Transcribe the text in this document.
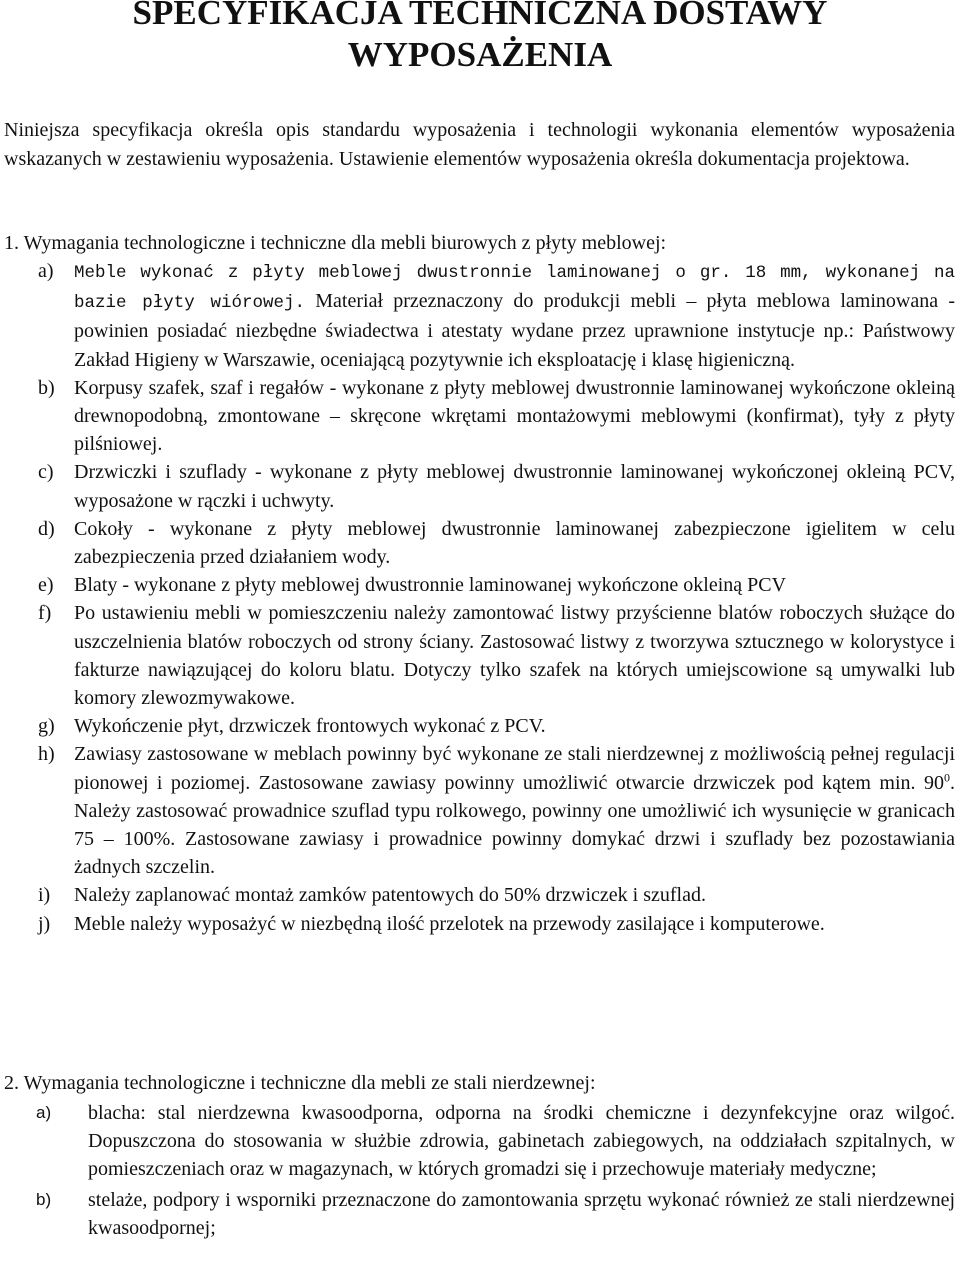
SPECYFIKACJA TECHNICZNA DOSTAWY
WYPOSAŻENIA

Niniejsza specyfikacja określa opis standardu wyposażenia i technologii wykonania elementów wyposażenia wskazanych w zestawieniu wyposażenia. Ustawienie elementów wyposażenia określa dokumentacja projektowa.

1. Wymagania technologiczne i techniczne dla mebli biurowych z płyty meblowej:

a) Meble wykonać z płyty meblowej dwustronnie laminowanej o gr. 18 mm, wykonanej na bazie płyty wiórowej. Materiał przeznaczony do produkcji mebli – płyta meblowa laminowana - powinien posiadać niezbędne świadectwa i atestaty wydane przez uprawnione instytucje np.: Państwowy Zakład Higieny w Warszawie, oceniającą pozytywnie ich eksploatację i klasę higieniczną.
b) Korpusy szafek, szaf i regałów - wykonane z płyty meblowej dwustronnie laminowanej wykończone okleiną drewnopodobną, zmontowane – skręcone wkrętami montażowymi meblowymi (konfirmat), tyły z płyty pilśniowej.
c) Drzwiczki i szuflady - wykonane z płyty meblowej dwustronnie laminowanej wykończonej okleiną PCV, wyposażone w rączki i uchwyty.
d) Cokoły - wykonane z płyty meblowej dwustronnie laminowanej zabezpieczone igielitem w celu zabezpieczenia przed działaniem wody.
e) Blaty - wykonane z płyty meblowej dwustronnie laminowanej wykończone okleiną PCV
f) Po ustawieniu mebli w pomieszczeniu należy zamontować listwy przyścienne blatów roboczych służące do uszczelnienia blatów roboczych od strony ściany. Zastosować listwy z tworzywa sztucznego w kolorystyce i fakturze nawiązującej do koloru blatu. Dotyczy tylko szafek na których umiejscowione są umywalki lub komory zlewozmywakowe.
g) Wykończenie płyt, drzwiczek frontowych wykonać z PCV.
h) Zawiasy zastosowane w meblach powinny być wykonane ze stali nierdzewnej z możliwością pełnej regulacji pionowej i poziomej. Zastosowane zawiasy powinny umożliwić otwarcie drzwiczek pod kątem min. $90^0$. Należy zastosować prowadnice szuflad typu rolkowego, powinny one umożliwić ich wysunięcie w granicach 75 – 100%. Zastosowane zawiasy i prowadnice powinny domykać drzwi i szuflady bez pozostawiania żadnych szczelin.
i) Należy zaplanować montaż zamków patentowych do 50% drzwiczek i szuflad.
j) Meble należy wyposażyć w niezbędną ilość przelotek na przewody zasilające i komputerowe.

2. Wymagania technologiczne i techniczne dla mebli ze stali nierdzewnej:

a) blacha: stal nierdzewna kwasoodporna, odporna na środki chemiczne i dezynfekcyjne oraz wilgoć. Dopuszczona do stosowania w służbie zdrowia, gabinetach zabiegowych, na oddziałach szpitalnych, w pomieszczeniach oraz w magazynach, w których gromadzi się i przechowuje materiały medyczne;
b) stelaże, podpory i wsporniki przeznaczone do zamontowania sprzętu wykonać również ze stali nierdzewnej kwasoodpornej;
